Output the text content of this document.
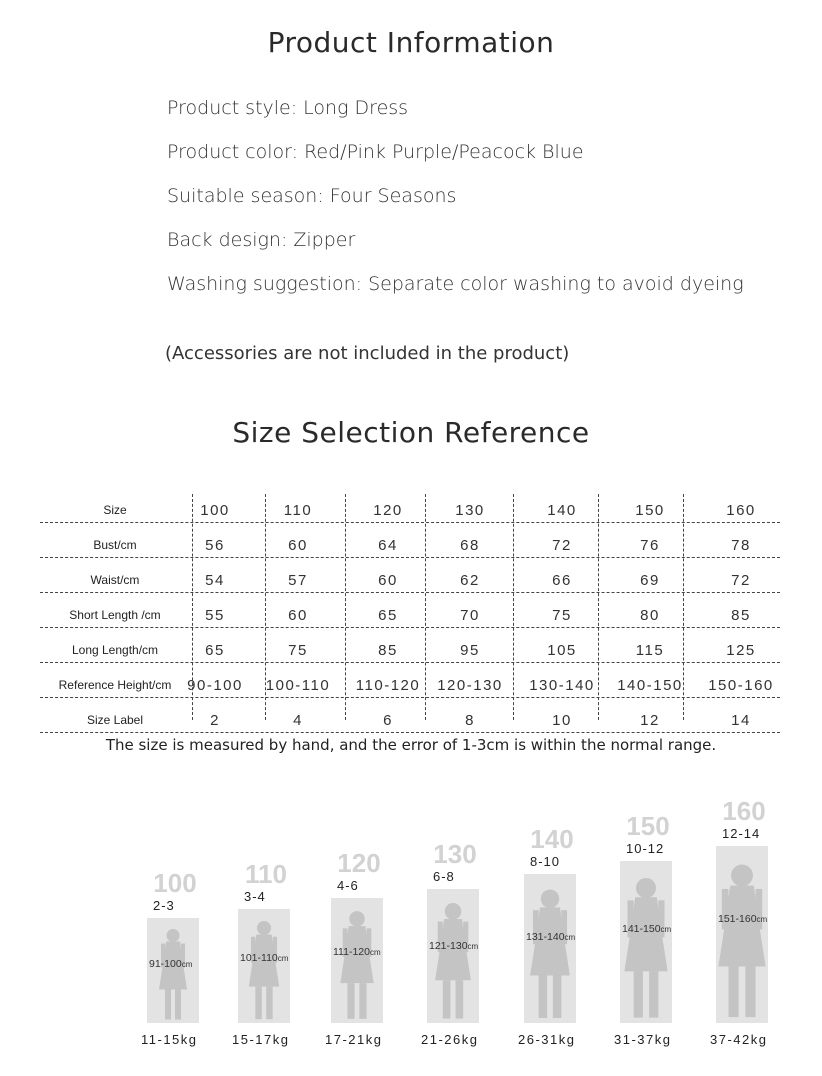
Product Information
Product style: Long Dress
Product color: Red/Pink Purple/Peacock Blue
Suitable season: Four Seasons
Back design: Zipper
Washing suggestion: Separate color washing to avoid dyeing
(Accessories are not included in the product)
Size Selection Reference
Size	100	110	120	130	140	150	160
Bust/cm	56	60	64	68	72	76	78
Waist/cm	54	57	60	62	66	69	72
Short Length /cm	55	60	65	70	75	80	85
Long Length/cm	65	75	85	95	105	115	125
Reference Height/cm	90-100	100-110	110-120	120-130	130-140	140-150	150-160
Size Label	2	4	6	8	10	12	14
The size is measured by hand, and the error of 1-3cm is within the normal range.
100
2-3
91-100cm
11-15kg
110
3-4
101-110cm
15-17kg
120
4-6
111-120cm
17-21kg
130
6-8
121-130cm
21-26kg
140
8-10
131-140cm
26-31kg
150
10-12
141-150cm
31-37kg
160
12-14
151-160cm
37-42kg
